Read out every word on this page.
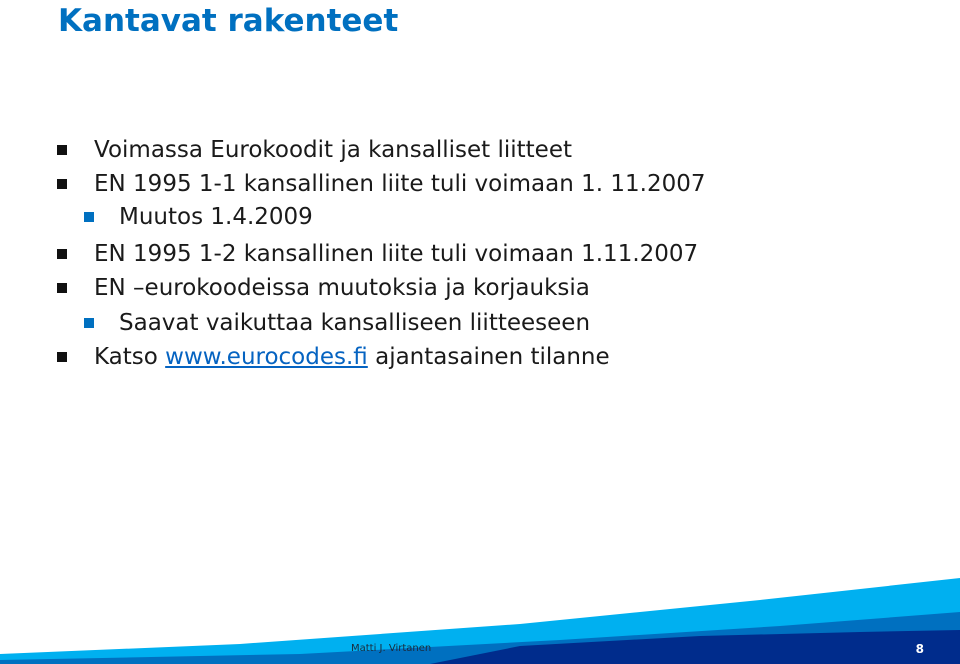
Kantavat rakenteet
Voimassa Eurokoodit ja kansalliset liitteet
EN 1995 1-1 kansallinen liite tuli voimaan 1. 11.2007
Muutos 1.4.2009
EN 1995 1-2 kansallinen liite tuli voimaan 1.11.2007
EN –eurokoodeissa muutoksia ja korjauksia
Saavat vaikuttaa kansalliseen liitteeseen
Katso www.eurocodes.fi ajantasainen tilanne
Matti J. Virtanen	8
